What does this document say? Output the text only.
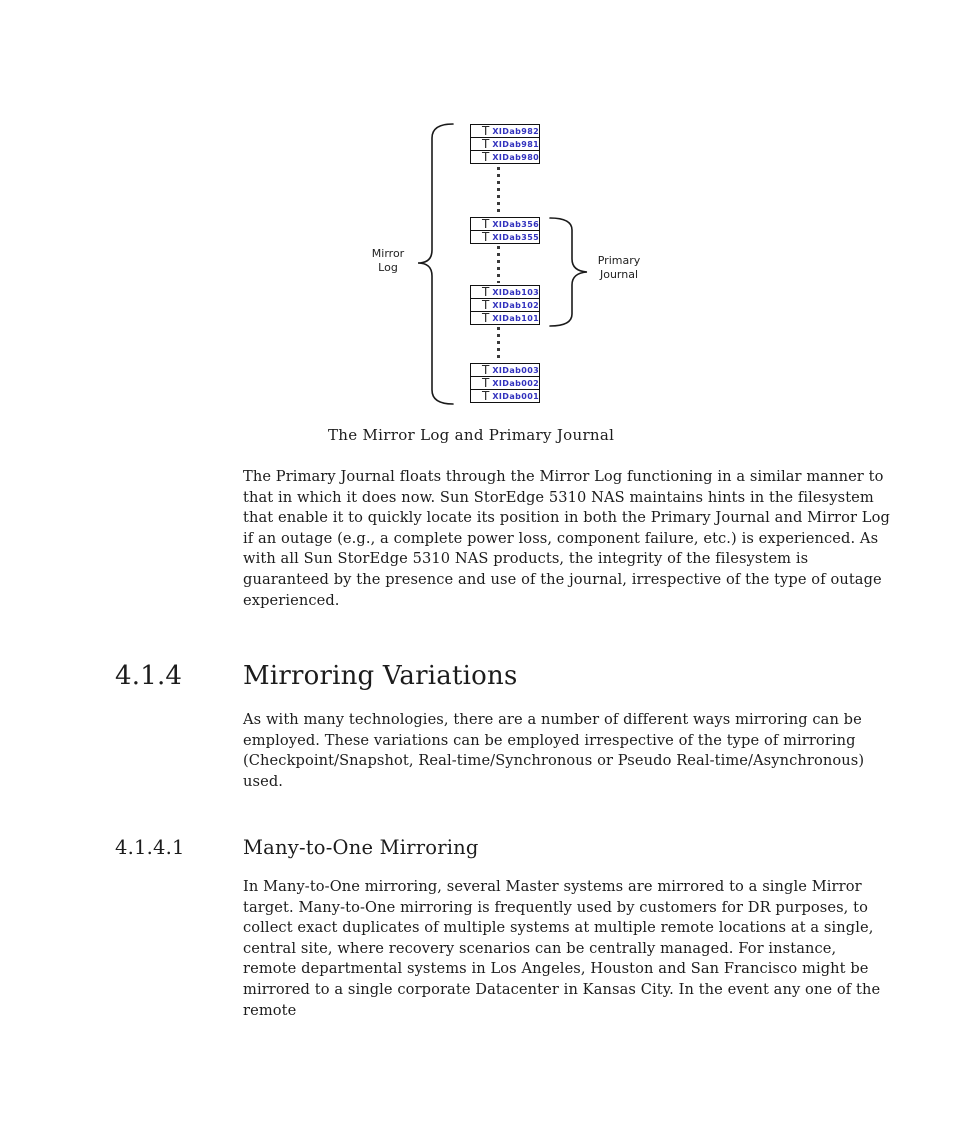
Mirror
Log
T XIDab982
T XIDab981
T XIDab980
T XIDab356
T XIDab355
T XIDab103
T XIDab102
T XIDab101
T XIDab003
T XIDab002
T XIDab001
Primary
Journal
The Mirror Log and Primary Journal

The Primary Journal floats through the Mirror Log functioning in a similar manner to that in which it does now. Sun StorEdge 5310 NAS maintains hints in the filesystem that enable it to quickly locate its position in both the Primary Journal and Mirror Log if an outage (e.g., a complete power loss, component failure, etc.) is experienced. As with all Sun StorEdge 5310 NAS products, the integrity of the filesystem is guaranteed by the presence and use of the journal, irrespective of the type of outage experienced.

4.1.4 Mirroring Variations

As with many technologies, there are a number of different ways mirroring can be employed. These variations can be employed irrespective of the type of mirroring (Checkpoint/Snapshot, Real-time/Synchronous or Pseudo Real-time/Asynchronous) used.

4.1.4.1	Many-to-One Mirroring

In Many-to-One mirroring, several Master systems are mirrored to a single Mirror target. Many-to-One mirroring is frequently used by customers for DR purposes, to collect exact duplicates of multiple systems at multiple remote locations at a single, central site, where recovery scenarios can be centrally managed. For instance, remote departmental systems in Los Angeles, Houston and San Francisco might be mirrored to a single corporate Datacenter in Kansas City. In the event any one of the remote
